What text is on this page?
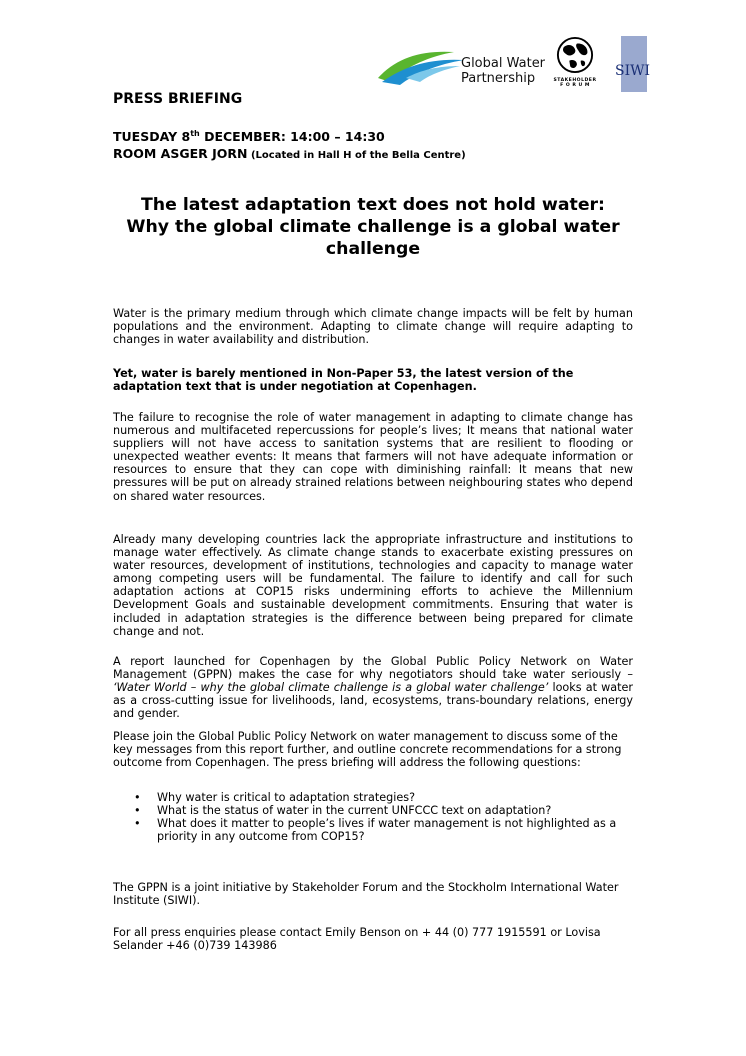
Global Water
Partnership	STAKEHOLDER F O R U M
SIWI
PRESS BRIEFING
TUESDAY 8th DECEMBER: 14:00 – 14:30
ROOM ASGER JORN (Located in Hall H of the Bella Centre)
The latest adaptation text does not hold water:
Why the global climate challenge is a global water
challenge

Water is the primary medium through which climate change impacts will be felt by human populations and the environment. Adapting to climate change will require adapting to changes in water availability and distribution.

Yet, water is barely mentioned in Non-Paper 53, the latest version of the adaptation text that is under negotiation at Copenhagen.

The failure to recognise the role of water management in adapting to climate change has numerous and multifaceted repercussions for people’s lives; It means that national water suppliers will not have access to sanitation systems that are resilient to flooding or unexpected weather events: It means that farmers will not have adequate information or resources to ensure that they can cope with diminishing rainfall: It means that new pressures will be put on already strained relations between neighbouring states who depend on shared water resources.

Already many developing countries lack the appropriate infrastructure and institutions to manage water effectively. As climate change stands to exacerbate existing pressures on water resources, development of institutions, technologies and capacity to manage water among competing users will be fundamental. The failure to identify and call for such adaptation actions at COP15 risks undermining efforts to achieve the Millennium Development Goals and sustainable development commitments. Ensuring that water is included in adaptation strategies is the difference between being prepared for climate change and not.

A report launched for Copenhagen by the Global Public Policy Network on Water Management (GPPN) makes the case for why negotiators should take water seriously – ‘Water World – why the global climate challenge is a global water challenge’ looks at water as a cross-cutting issue for livelihoods, land, ecosystems, trans-boundary relations, energy and gender.

Please join the Global Public Policy Network on water management to discuss some of the key messages from this report further, and outline concrete recommendations for a strong outcome from Copenhagen. The press briefing will address the following questions:

• Why water is critical to adaptation strategies?
• What is the status of water in the current UNFCCC text on adaptation?
• What does it matter to people’s lives if water management is not highlighted as a priority in any outcome from COP15?

The GPPN is a joint initiative by Stakeholder Forum and the Stockholm International Water Institute (SIWI).

For all press enquiries please contact Emily Benson on + 44 (0) 777 1915591 or Lovisa Selander +46 (0)739 143986
